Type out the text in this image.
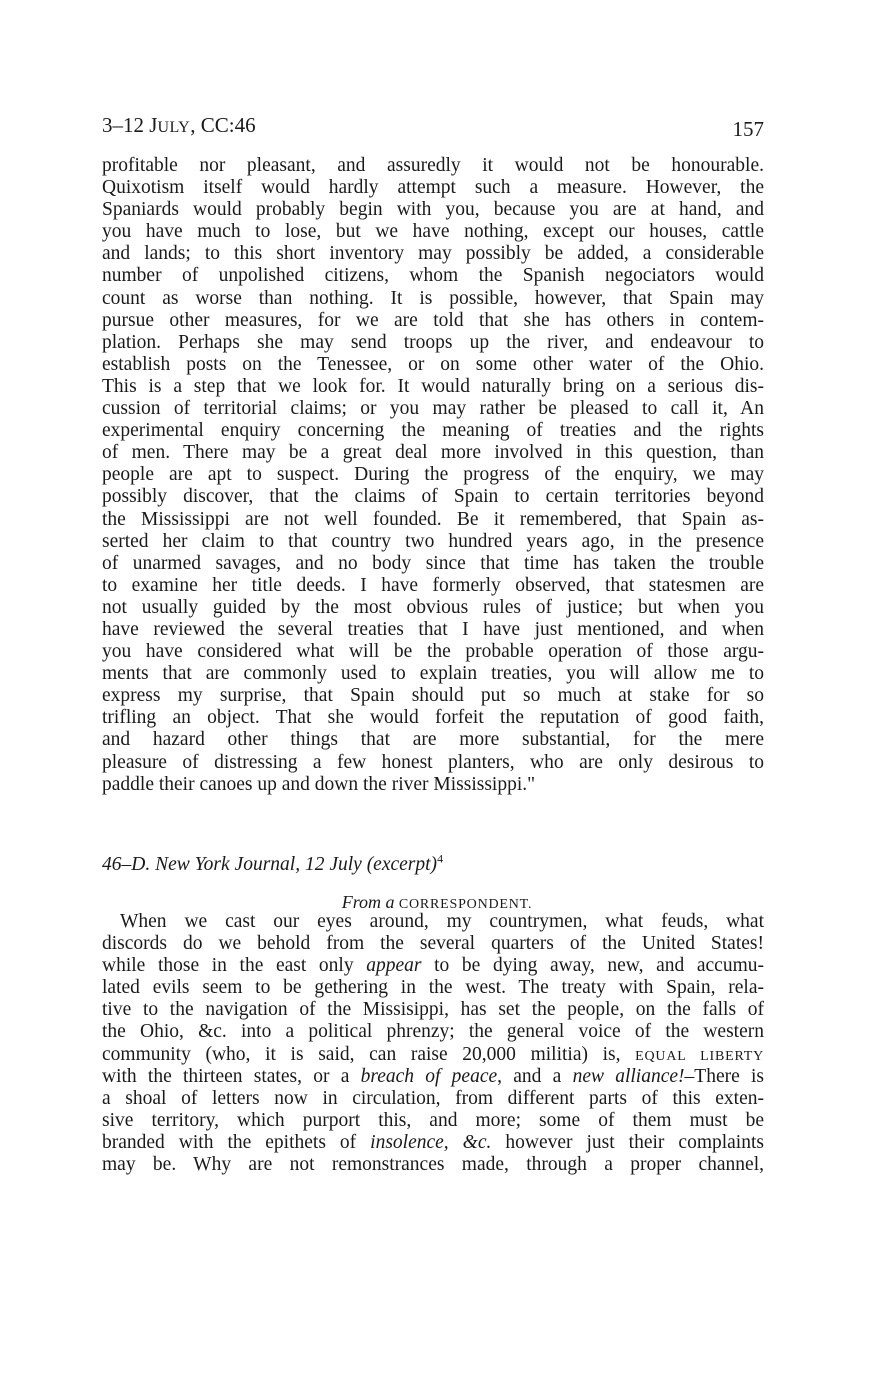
3–12 JULY, CC:46	157
profitable nor pleasant, and assuredly it would not be honourable.
Quixotism itself would hardly attempt such a measure. However, the
Spaniards would probably begin with you, because you are at hand, and
you have much to lose, but we have nothing, except our houses, cattle
and lands; to this short inventory may possibly be added, a considerable
number of unpolished citizens, whom the Spanish negociators would
count as worse than nothing. It is possible, however, that Spain may
pursue other measures, for we are told that she has others in contem-
plation. Perhaps she may send troops up the river, and endeavour to
establish posts on the Tenessee, or on some other water of the Ohio.
This is a step that we look for. It would naturally bring on a serious dis-
cussion of territorial claims; or you may rather be pleased to call it, An
experimental enquiry concerning the meaning of treaties and the rights
of men. There may be a great deal more involved in this question, than
people are apt to suspect. During the progress of the enquiry, we may
possibly discover, that the claims of Spain to certain territories beyond
the Mississippi are not well founded. Be it remembered, that Spain as-
serted her claim to that country two hundred years ago, in the presence
of unarmed savages, and no body since that time has taken the trouble
to examine her title deeds. I have formerly observed, that statesmen are
not usually guided by the most obvious rules of justice; but when you
have reviewed the several treaties that I have just mentioned, and when
you have considered what will be the probable operation of those argu-
ments that are commonly used to explain treaties, you will allow me to
express my surprise, that Spain should put so much at stake for so
trifling an object. That she would forfeit the reputation of good faith,
and hazard other things that are more substantial, for the mere
pleasure of distressing a few honest planters, who are only desirous to
paddle their canoes up and down the river Mississippi."
46–D. New York Journal, 12 July (excerpt)$^4$
From a CORRESPONDENT.
When we cast our eyes around, my countrymen, what feuds, what
discords do we behold from the several quarters of the United States!
while those in the east only appear to be dying away, new, and accumu-
lated evils seem to be gethering in the west. The treaty with Spain, rela-
tive to the navigation of the Missisippi, has set the people, on the falls of
the Ohio, &c. into a political phrenzy; the general voice of the western
community (who, it is said, can raise 20,000 militia) is, EQUAL LIBERTY
with the thirteen states, or a breach of peace, and a new alliance!–There is
a shoal of letters now in circulation, from different parts of this exten-
sive territory, which purport this, and more; some of them must be
branded with the epithets of insolence, &c. however just their complaints
may be. Why are not remonstrances made, through a proper channel,
